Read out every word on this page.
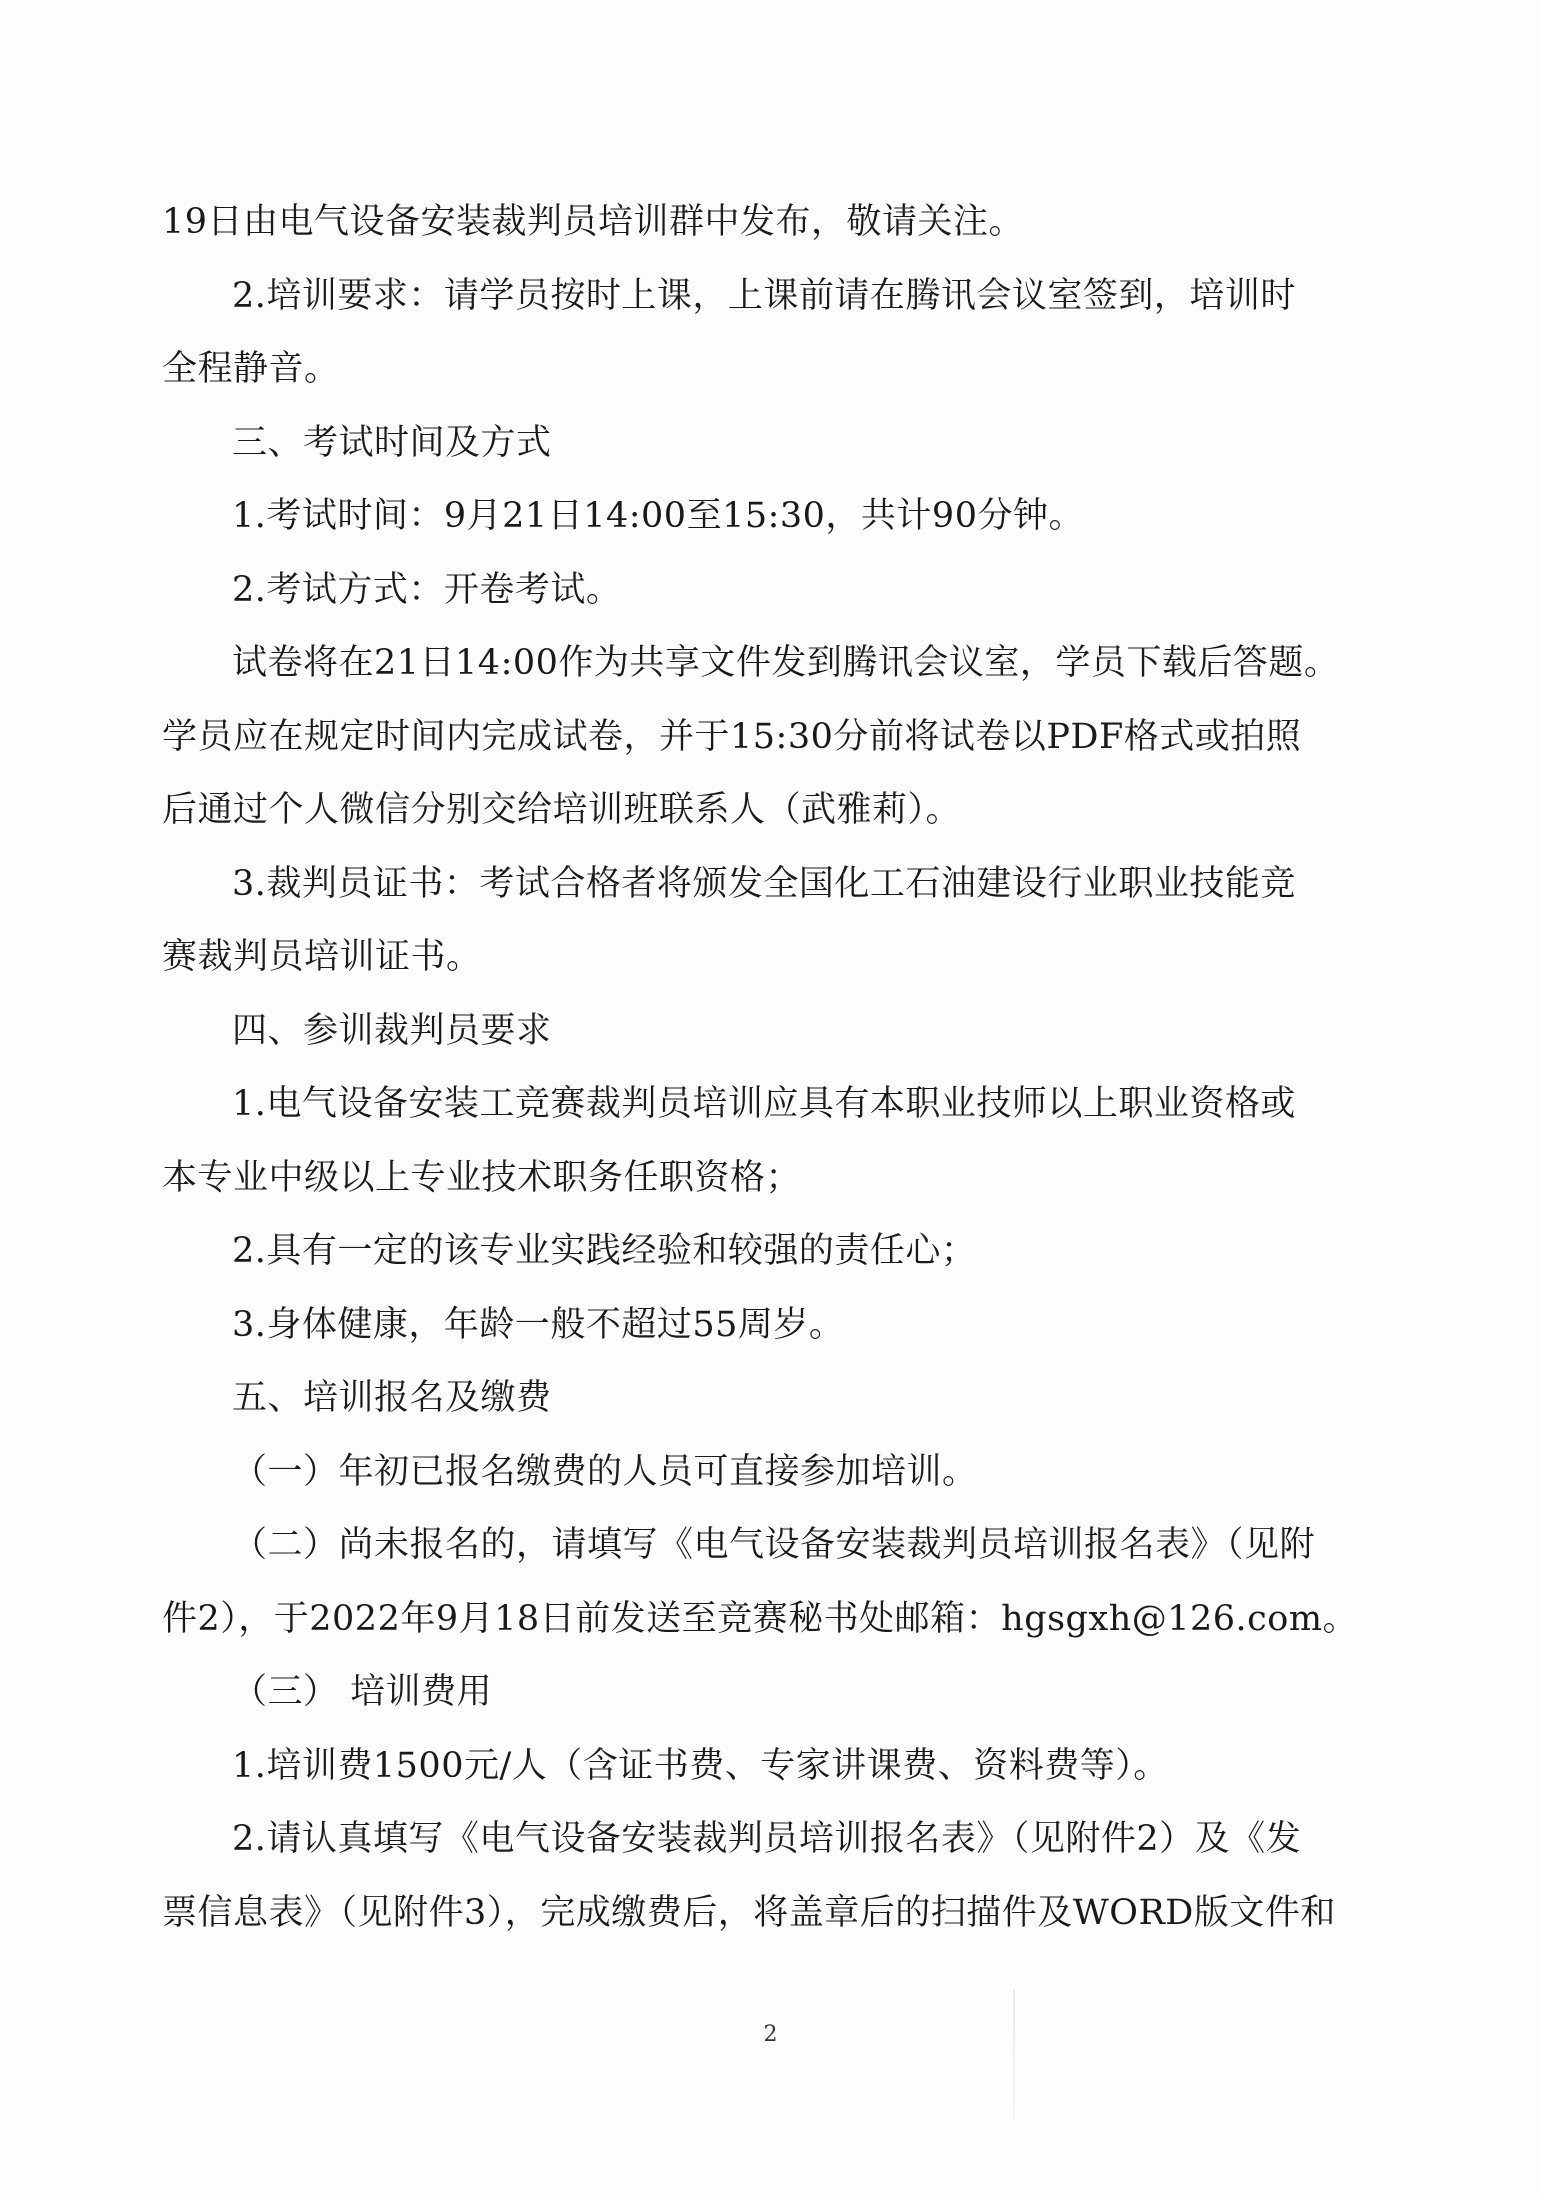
19日由电气设备安装裁判员培训群中发布，敬请关注。
2.培训要求：请学员按时上课，上课前请在腾讯会议室签到，培训时
全程静音。
三、考试时间及方式
1.考试时间：9月21日14:00至15:30，共计90分钟。
2.考试方式：开卷考试。
试卷将在21日14:00作为共享文件发到腾讯会议室，学员下载后答题。
学员应在规定时间内完成试卷，并于15:30分前将试卷以PDF格式或拍照
后通过个人微信分别交给培训班联系人（武雅莉）。
3.裁判员证书：考试合格者将颁发全国化工石油建设行业职业技能竞
赛裁判员培训证书。
四、参训裁判员要求
1.电气设备安装工竞赛裁判员培训应具有本职业技师以上职业资格或
本专业中级以上专业技术职务任职资格；
2.具有一定的该专业实践经验和较强的责任心；
3.身体健康，年龄一般不超过55周岁。
五、培训报名及缴费
（一）年初已报名缴费的人员可直接参加培训。
（二）尚未报名的，请填写《电气设备安装裁判员培训报名表》（见附
件2），于2022年9月18日前发送至竞赛秘书处邮箱：hgsgxh@126.com。
（三） 培训费用
1.培训费1500元/人（含证书费、专家讲课费、资料费等）。
2.请认真填写《电气设备安装裁判员培训报名表》（见附件2）及《发
票信息表》（见附件3），完成缴费后，将盖章后的扫描件及WORD版文件和
2
